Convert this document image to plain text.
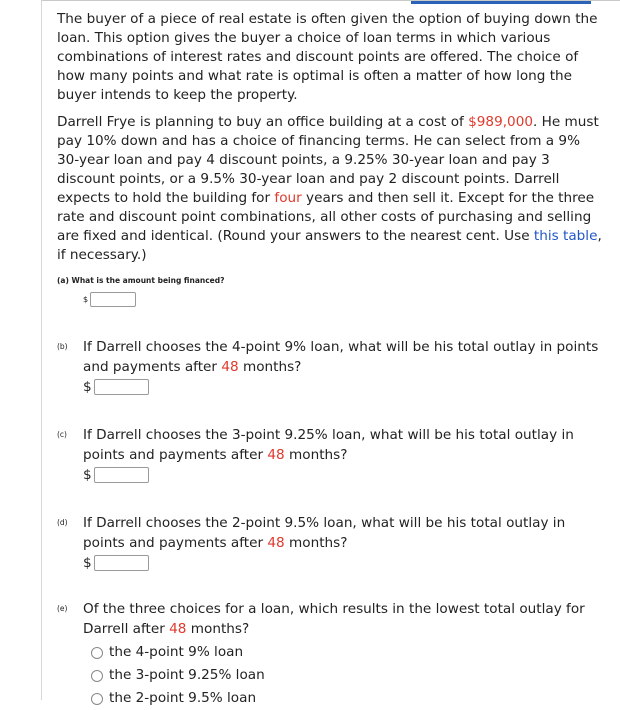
The buyer of a piece of real estate is often given the option of buying down the loan. This option gives the buyer a choice of loan terms in which various combinations of interest rates and discount points are offered. The choice of how many points and what rate is optimal is often a matter of how long the buyer intends to keep the property.

Darrell Frye is planning to buy an office building at a cost of $989,000. He must pay 10% down and has a choice of financing terms. He can select from a 9% 30-year loan and pay 4 discount points, a 9.25% 30-year loan and pay 3 discount points, or a 9.5% 30-year loan and pay 2 discount points. Darrell expects to hold the building for four years and then sell it. Except for the three rate and discount point combinations, all other costs of purchasing and selling are fixed and identical. (Round your answers to the nearest cent. Use this table, if necessary.)

(a) What is the amount being financed?
$
(b)	If Darrell chooses the 4-point 9% loan, what will be his total outlay in points and payments after 48 months?
$
(c)	If Darrell chooses the 3-point 9.25% loan, what will be his total outlay in points and payments after 48 months?
$
(d)	If Darrell chooses the 2-point 9.5% loan, what will be his total outlay in points and payments after 48 months?
$
(e)	Of the three choices for a loan, which results in the lowest total outlay for Darrell after 48 months?
the 4-point 9% loan
the 3-point 9.25% loan
the 2-point 9.5% loan
